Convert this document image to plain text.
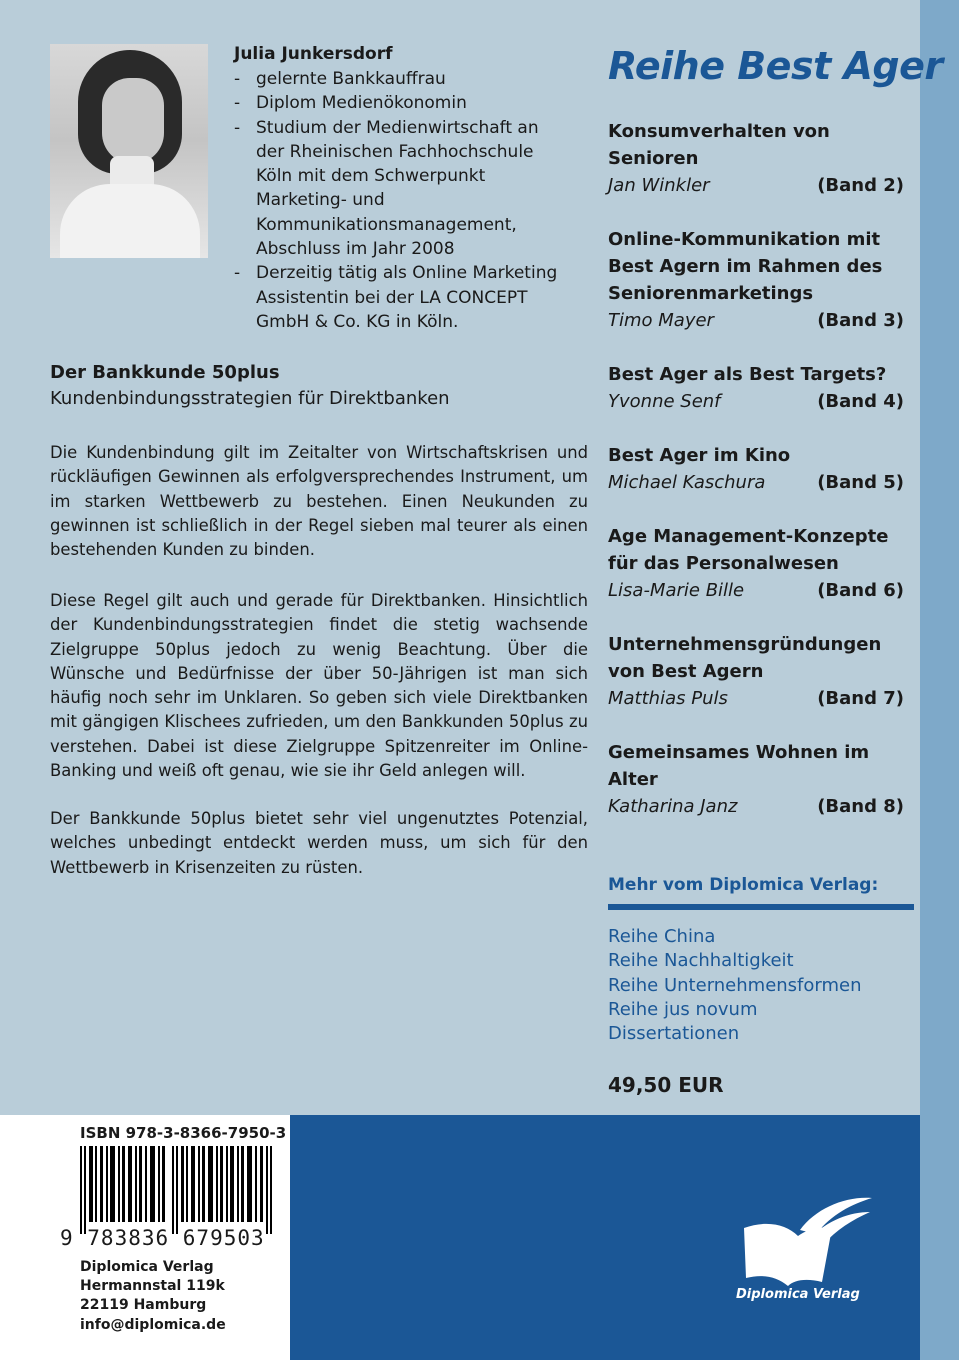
Julia Junkersdorf
- gelernte Bankkauffrau
- Diplom Medienökonomin
- Studium der Medienwirtschaft an der Rheinischen Fachhochschule Köln mit dem Schwerpunkt Marketing- und Kommunikationsmanagement, Abschluss im Jahr 2008
- Derzeitig tätig als Online Marketing Assistentin bei der LA CONCEPT GmbH & Co. KG in Köln.
Der Bankkunde 50plus
Kundenbindungsstrategien für Direktbanken

Die Kundenbindung gilt im Zeitalter von Wirtschaftskrisen und rückläufigen Gewinnen als erfolgversprechendes Instrument, um im starken Wettbewerb zu bestehen. Einen Neukunden zu gewinnen ist schließlich in der Regel sieben mal teurer als einen bestehenden Kunden zu binden.

Diese Regel gilt auch und gerade für Direktbanken. Hinsichtlich der Kundenbindungsstrategien findet die stetig wachsende Zielgruppe 50plus jedoch zu wenig Beachtung. Über die Wünsche und Bedürfnisse der über 50-Jährigen ist man sich häufig noch sehr im Unklaren. So geben sich viele Direktbanken mit gängigen Klischees zufrieden, um den Bankkunden 50plus zu verstehen. Dabei ist diese Zielgruppe Spitzenreiter im Online-Banking und weiß oft genau, wie sie ihr Geld anlegen will.

Der Bankkunde 50plus bietet sehr viel ungenutztes Potenzial, welches unbedingt entdeckt werden muss, um sich für den Wettbewerb in Krisenzeiten zu rüsten.

Reihe Best Ager
Konsumverhalten von Senioren
Jan Winkler	(Band 2)
Online-Kommunikation mit Best Agern im Rahmen des Seniorenmarketings
Timo Mayer	(Band 3)
Best Ager als Best Targets?
Yvonne Senf	(Band 4)
Best Ager im Kino
Michael Kaschura	(Band 5)
Age Management-Konzepte für das Personalwesen
Lisa-Marie Bille	(Band 6)
Unternehmensgründungen von Best Agern
Matthias Puls	(Band 7)
Gemeinsames Wohnen im Alter
Katharina Janz	(Band 8)
Mehr vom Diplomica Verlag:
Reihe China
Reihe Nachhaltigkeit
Reihe Unternehmensformen
Reihe jus novum
Dissertationen
49,50 EUR
ISBN 978-3-8366-7950-3
9 783836 679503
Diplomica Verlag
Hermannstal 119k
22119 Hamburg
info@diplomica.de
Diplomica Verlag
